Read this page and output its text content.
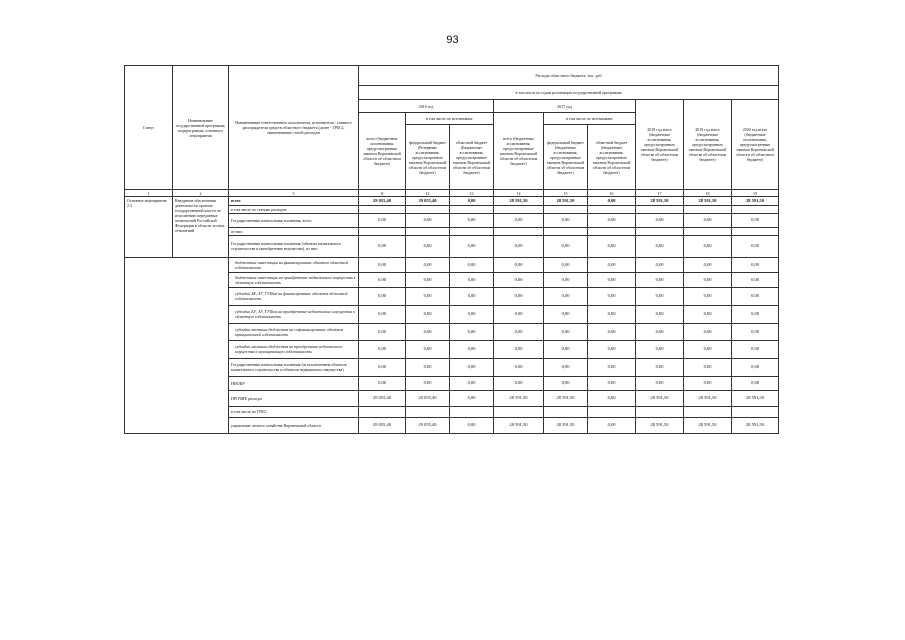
93
Статус	Наименование государственной программы, подпрограммы, основного мероприятия	Наименование ответственного исполнителя, исполнителя - главного распорядителя средств областного бюджета (далее - ГРБС), наименование статей расходов	Расходы областного бюджета, тыс. руб								
			в том числе по годам реализации государственной программы								
			2016 год			2017 год			2018 год всего (бюджетные ассигнования, предусмотренные законом Воронежской области об областном бюджете)	2019 год всего (бюджетные ассигнования, предусмотренные законом Воронежской области об областном бюджете)	2020 год всего (бюджетные ассигнования, предусмотренные законом Воронежской области об областном бюджете)
			всего (бюджетные ассигнования, предусмотренные законом Воронежской области об областном бюджете)	в том числе по источникам:		всего (бюджетные ассигнования, предусмотренные законом Воронежской области об областном бюджете)	в том числе по источникам:				
				федеральный бюджет (Резервные ассигнования, предусмотренные законом Воронежской области об областном бюджете)	областной бюджет (Бюджетные ассигнования, предусмотренные законом Воронежской области об областном бюджете)		федеральный бюджет (бюджетные ассигнования, предусмотренные законом Воронежской области об областном бюджете)	областной бюджет (бюджетные ассигнования, предусмотренные законом Воронежской области об областном бюджете)			
1	2	3	11	12	13	14	15	16	17	18	19
Основное мероприятие 2.3	Внедрение обеспечения деятельности органов государственной власти по исполнению переданных полномочий Российской Федерации в области лесных отношений	всего	29 055,40	29 055,40	0,00	28 591,50	28 591,50	0,00	28 591,50	28 591,50	28 591,50
		в том числе по статьям расходов:									
		Государственные капитальные вложения, всего	0,00	0,00	0,00	0,00	0,00	0,00	0,00	0,00	0,00
		из них:									
		Государственные капитальные вложения (объекты капитального строительства и приобретение имущества), из них:	0,00	0,00	0,00	0,00	0,00	0,00	0,00	0,00	0,00
		бюджетные инвестиции на финансирование объектов областной собственности	0,00	0,00	0,00	0,00	0,00	0,00	0,00	0,00	0,00
		бюджетные инвестиции на приобретение недвижимого имущества в областную собственность	0,00	0,00	0,00	0,00	0,00	0,00	0,00	0,00	0,00
		субсидии ЗК, АУ, ГУПам на финансирование объектов областной собственности	0,00	0,00	0,00	0,00	0,00	0,00	0,00	0,00	0,00
		субсидии БУ, АУ, ГУПам на приобретение недвижимого имущества в областную собственность	0,00	0,00	0,00	0,00	0,00	0,00	0,00	0,00	0,00
		субсидии местным бюджетам на софинансирование объектов муниципальной собственности	0,00	0,00	0,00	0,00	0,00	0,00	0,00	0,00	0,00
		субсидии местным бюджетам на приобретение недвижимого имущества в муниципальную собственность	0,00	0,00	0,00	0,00	0,00	0,00	0,00	0,00	0,00
		Государственные капитальные вложения (за исключением объектов капитального строительства и объектов недвижимого имущества)	0,00	0,00	0,00	0,00	0,00	0,00	0,00	0,00	0,00
		НИОКР	0,00	0,00	0,00	0,00	0,00	0,00	0,00	0,00	0,00
		ПРОЧИЕ расходы	29 055,40	29 055,40	0,00	28 591,50	28 591,50	0,00	28 591,50	28 591,50	28 591,50
		в том числе по ГРБС:									
		управление лесного хозяйства Воронежской области	29 055,40	29 055,40	0,00	28 591,50	28 591,50	0,00	28 591,50	28 591,50	28 591,50
